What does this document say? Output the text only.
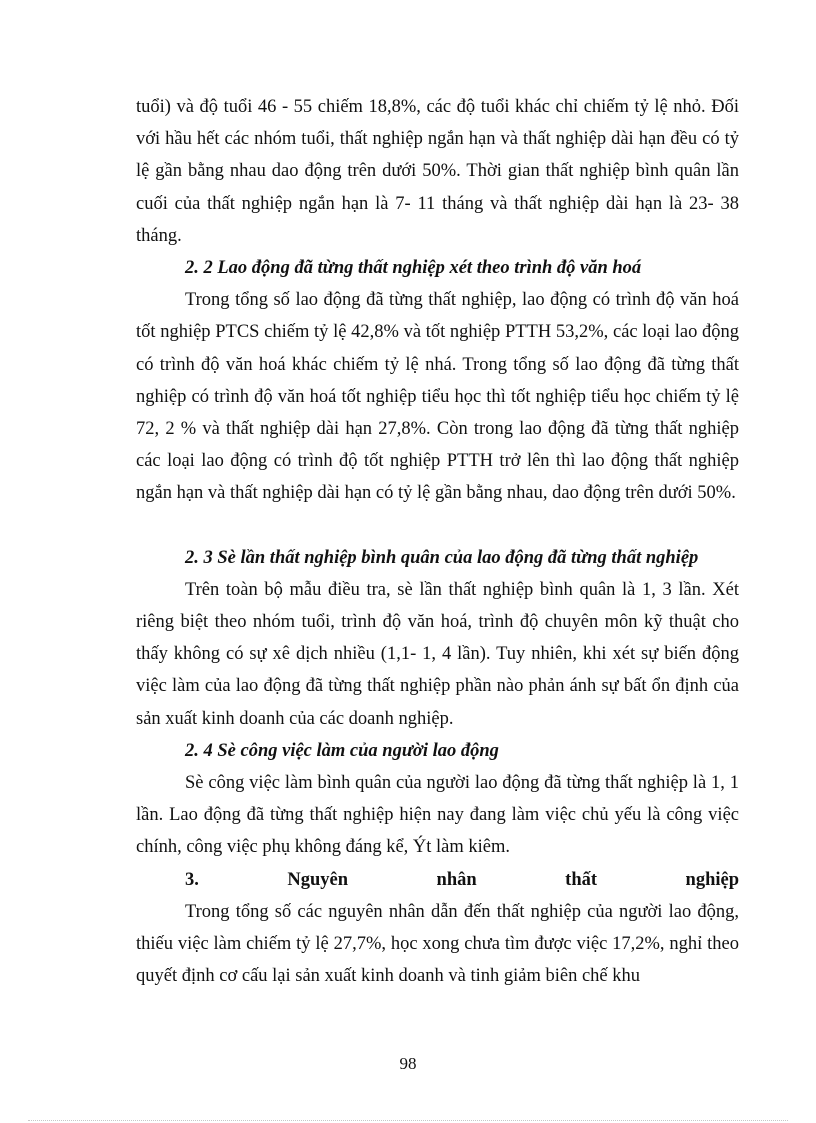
tuổi) và độ tuổi 46 - 55 chiếm 18,8%, các độ tuổi khác chỉ chiếm tỷ lệ nhỏ. Đối với hầu hết các nhóm tuổi, thất nghiệp ngắn hạn và thất nghiệp dài hạn đều có tỷ lệ gần bằng nhau dao động trên dưới 50%. Thời gian thất nghiệp bình quân lần cuối của thất nghiệp ngắn hạn là 7- 11 tháng và thất nghiệp dài hạn là 23- 38 tháng.

2. 2 Lao động đã từng thất nghiệp xét theo trình độ văn hoá

Trong tổng số lao động đã từng thất nghiệp, lao động có trình độ văn hoá tốt nghiệp PTCS chiếm tỷ lệ 42,8% và tốt nghiệp PTTH 53,2%, các loại lao động có trình độ văn hoá khác chiếm tỷ lệ nhá. Trong tổng số lao động đã từng thất nghiệp có trình độ văn hoá tốt nghiệp tiểu học thì tốt nghiệp tiểu học chiếm tỷ lệ 72, 2 % và thất nghiệp dài hạn 27,8%. Còn trong lao động đã từng thất nghiệp các loại lao động có trình độ tốt nghiệp PTTH trở lên thì lao động thất nghiệp ngắn hạn và thất nghiệp dài hạn có tỷ lệ gần bằng nhau, dao động trên dưới 50%.

2. 3 Sè lần thất nghiệp bình quân của lao động đã từng thất nghiệp

Trên toàn bộ mẫu điều tra, sè lần thất nghiệp bình quân là 1, 3 lần. Xét riêng biệt theo nhóm tuổi, trình độ văn hoá, trình độ chuyên môn kỹ thuật cho thấy không có sự xê dịch nhiều (1,1- 1, 4 lần). Tuy nhiên, khi xét sự biến động việc làm của lao động đã từng thất nghiệp phần nào phản ánh sự bất ổn định của sản xuất kinh doanh của các doanh nghiệp.

2. 4 Sè công việc làm của người lao động

Sè công việc làm bình quân của người lao động đã từng thất nghiệp là 1, 1 lần. Lao động đã từng thất nghiệp hiện nay đang làm việc chủ yếu là công việc chính, công việc phụ không đáng kể, Ýt làm kiêm.

3. Nguyên nhân thất nghiệp

Trong tổng số các nguyên nhân dẫn đến thất nghiệp của người lao động, thiếu việc làm chiếm tỷ lệ 27,7%, học xong chưa tìm được việc 17,2%, nghỉ theo quyết định cơ cấu lại sản xuất kinh doanh và tinh giảm biên chế khu

98
